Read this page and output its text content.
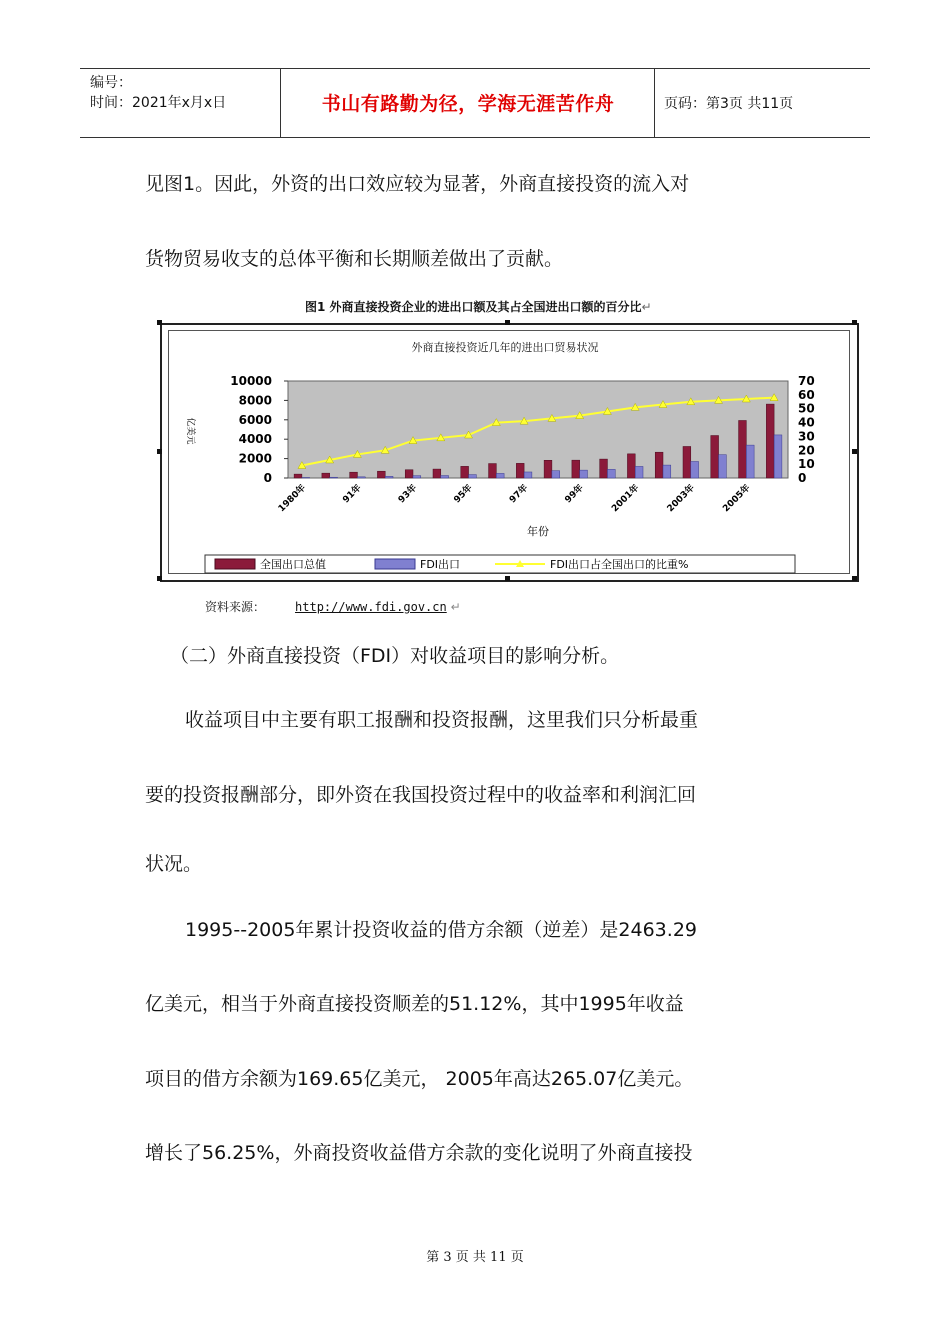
编号：
时间：2021年x月x日	书山有路勤为径，学海无涯苦作舟	页码：第3页 共11页
见图1。因此，外资的出口效应较为显著，外商直接投资的流入对
货物贸易收支的总体平衡和长期顺差做出了贡献。
图1 外商直接投资企业的进出口额及其占全国进出口额的百分比↵
外商直接投资近几年的进出口贸易状况
0
2000
4000
6000
8000
10000
0
10
20
30
40
50
60
70
亿美元
1980年	91年	93年	95年	97年	99年	2001年	2003年	2005年
年份
全国出口总值	FDI出口	FDI出口占全国出口的比重%
资料来源：	http://www.fdi.gov.cn ↵
（二）外商直接投资（FDI）对收益项目的影响分析。
收益项目中主要有职工报酬和投资报酬，这里我们只分析最重
要的投资报酬部分，即外资在我国投资过程中的收益率和利润汇回
状况。
1995--2005年累计投资收益的借方余额（逆差）是2463.29
亿美元，相当于外商直接投资顺差的51.12%，其中1995年收益
项目的借方余额为169.65亿美元， 2005年高达265.07亿美元。
增长了56.25%，外商投资收益借方余款的变化说明了外商直接投
第 3 页 共 11 页
